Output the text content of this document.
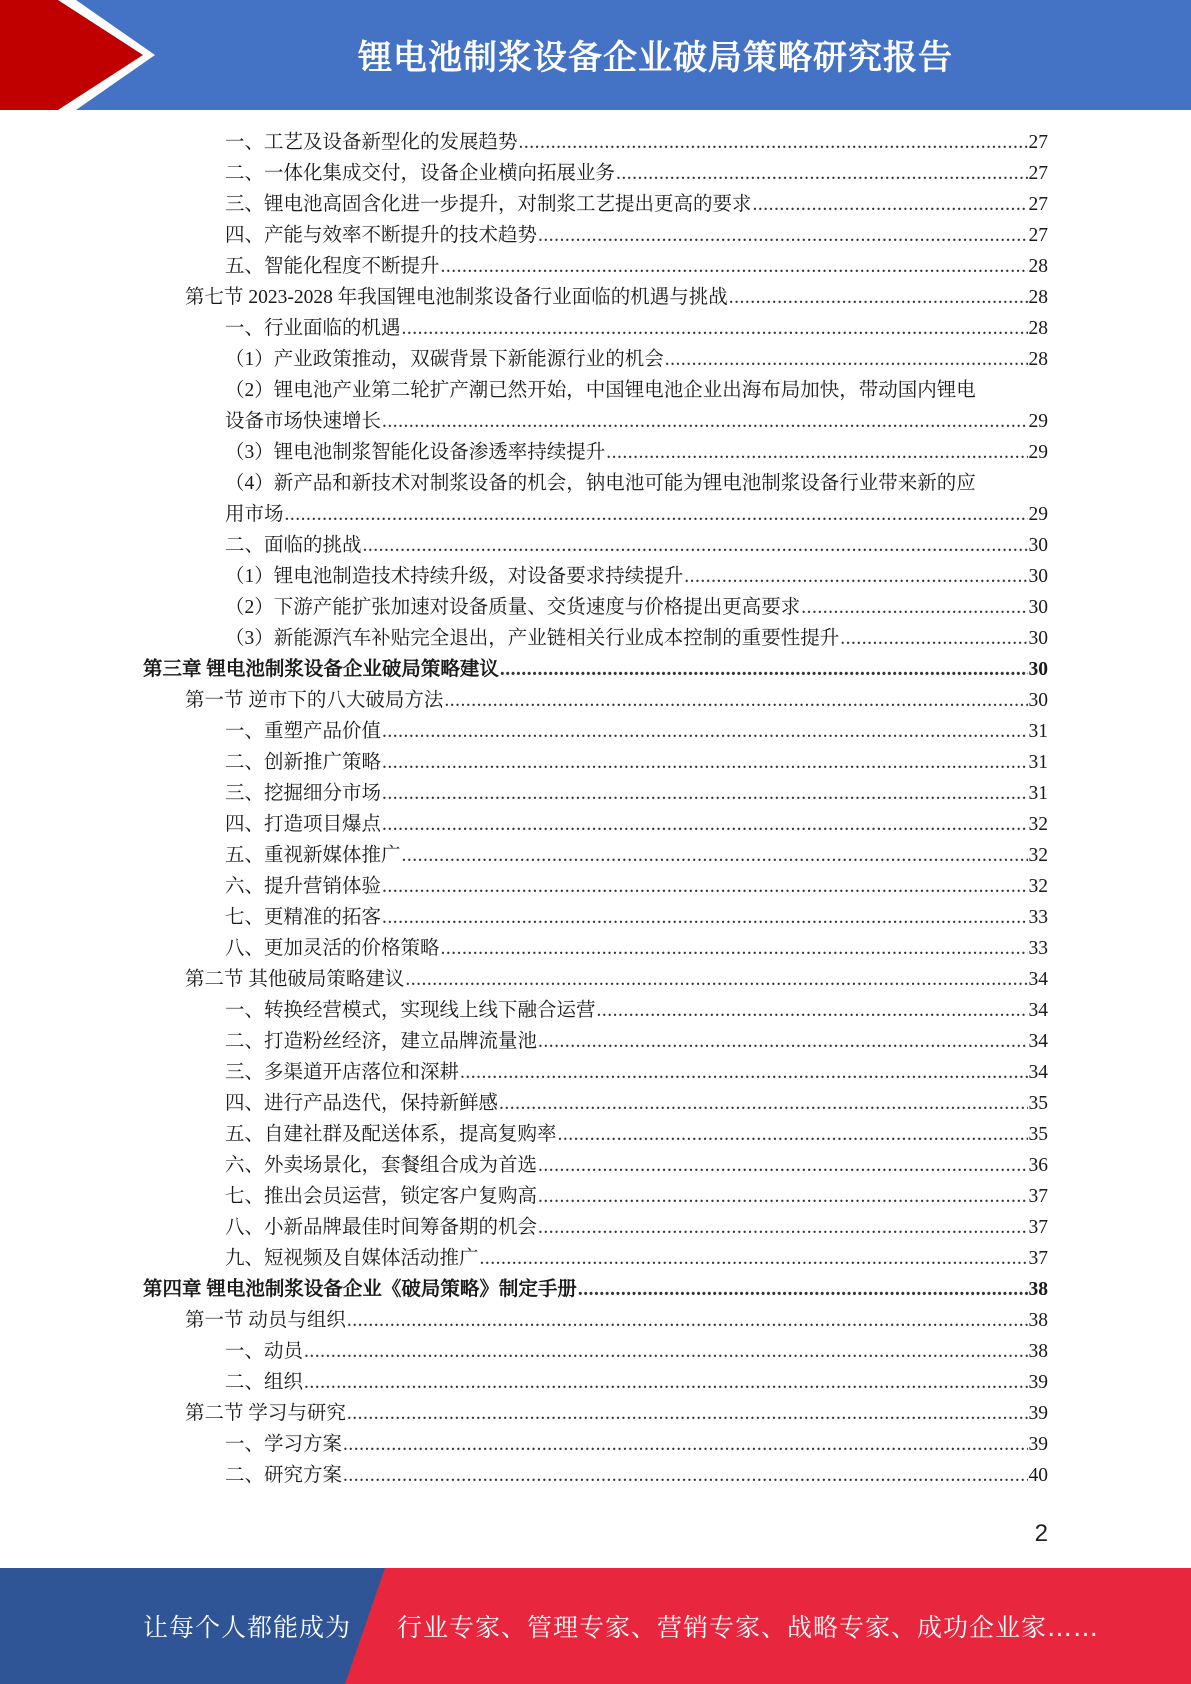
锂电池制浆设备企业破局策略研究报告
一、工艺及设备新型化的发展趋势 .....	27
二、一体化集成交付，设备企业横向拓展业务 .....	27
三、锂电池高固含化进一步提升，对制浆工艺提出更高的要求 .....	27
四、产能与效率不断提升的技术趋势 .....	27
五、智能化程度不断提升 .....	28
第七节 2023-2028 年我国锂电池制浆设备行业面临的机遇与挑战 .....	28
一、行业面临的机遇 .....	28
（1）产业政策推动，双碳背景下新能源行业的机会 .....	28
（2）锂电池产业第二轮扩产潮已然开始，中国锂电池企业出海布局加快，带动国内锂电
设备市场快速增长 .....	29
（3）锂电池制浆智能化设备渗透率持续提升 .....	29
（4）新产品和新技术对制浆设备的机会，钠电池可能为锂电池制浆设备行业带来新的应
用市场 .....	29
二、面临的挑战 .....	30
（1）锂电池制造技术持续升级，对设备要求持续提升 .....	30
（2）下游产能扩张加速对设备质量、交货速度与价格提出更高要求 .....	30
（3）新能源汽车补贴完全退出，产业链相关行业成本控制的重要性提升 .....	30
第三章 锂电池制浆设备企业破局策略建议 .....	30
第一节 逆市下的八大破局方法 .....	30
一、重塑产品价值 .....	31
二、创新推广策略 .....	31
三、挖掘细分市场 .....	31
四、打造项目爆点 .....	32
五、重视新媒体推广 .....	32
六、提升营销体验 .....	32
七、更精准的拓客 .....	33
八、更加灵活的价格策略 .....	33
第二节 其他破局策略建议 .....	34
一、转换经营模式，实现线上线下融合运营 .....	34
二、打造粉丝经济，建立品牌流量池 .....	34
三、多渠道开店落位和深耕 .....	34
四、进行产品迭代，保持新鲜感 .....	35
五、自建社群及配送体系，提高复购率 .....	35
六、外卖场景化，套餐组合成为首选 .....	36
七、推出会员运营，锁定客户复购高 .....	37
八、小新品牌最佳时间筹备期的机会 .....	37
九、短视频及自媒体活动推广 .....	37
第四章 锂电池制浆设备企业《破局策略》制定手册 .....	38
第一节 动员与组织 .....	38
一、动员 .....	38
二、组织 .....	39
第二节 学习与研究 .....	39
一、学习方案 .....	39
二、研究方案 .....	40
2
让每个人都能成为 行业专家、管理专家、营销专家、战略专家、成功企业家……
